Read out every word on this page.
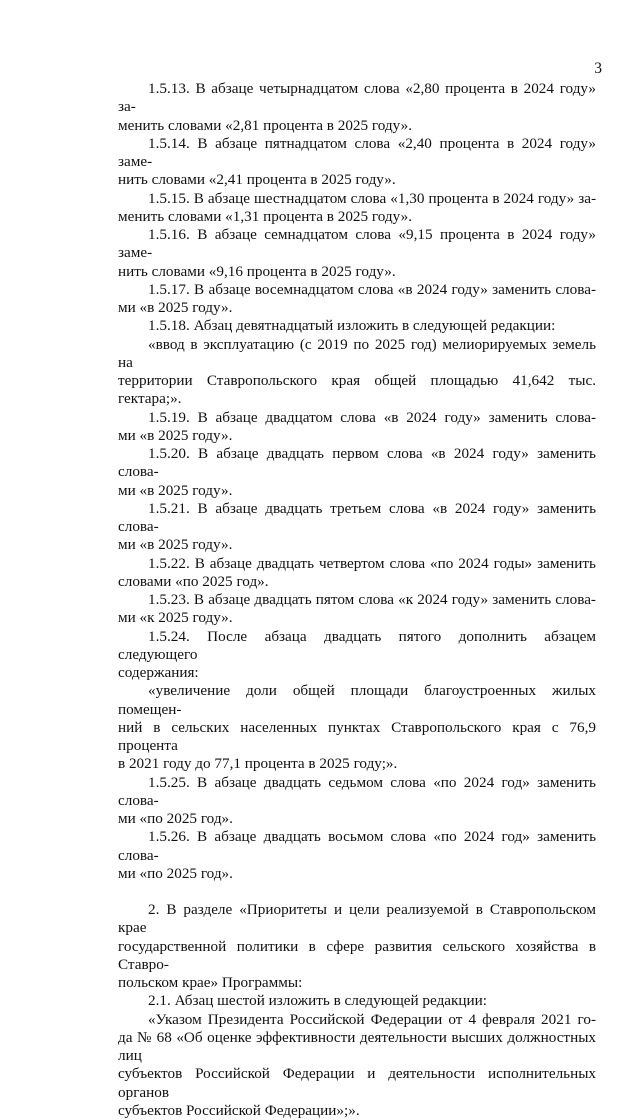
3
1.5.13. В абзаце четырнадцатом слова «2,80 процента в 2024 году» за-
менить словами «2,81 процента в 2025 году».
1.5.14. В абзаце пятнадцатом слова «2,40 процента в 2024 году» заме-
нить словами «2,41 процента в 2025 году».
1.5.15. В абзаце шестнадцатом слова «1,30 процента в 2024 году» за-
менить словами «1,31 процента в 2025 году».
1.5.16. В абзаце семнадцатом слова «9,15 процента в 2024 году» заме-
нить словами «9,16 процента в 2025 году».
1.5.17. В абзаце восемнадцатом слова «в 2024 году» заменить слова-
ми «в 2025 году».
1.5.18. Абзац девятнадцатый изложить в следующей редакции:
«ввод в эксплуатацию (с 2019 по 2025 год) мелиорируемых земель на
территории Ставропольского края общей площадью 41,642 тыс. гектара;».
1.5.19. В абзаце двадцатом слова «в 2024 году» заменить слова-
ми «в 2025 году».
1.5.20. В абзаце двадцать первом слова «в 2024 году» заменить слова-
ми «в 2025 году».
1.5.21. В абзаце двадцать третьем слова «в 2024 году» заменить слова-
ми «в 2025 году».
1.5.22. В абзаце двадцать четвертом слова «по 2024 годы» заменить
словами «по 2025 год».
1.5.23. В абзаце двадцать пятом слова «к 2024 году» заменить слова-
ми «к 2025 году».
1.5.24. После абзаца двадцать пятого дополнить абзацем следующего
содержания:
«увеличение доли общей площади благоустроенных жилых помещен-
ний в сельских населенных пунктах Ставропольского края с 76,9 процента
в 2021 году до 77,1 процента в 2025 году;».
1.5.25. В абзаце двадцать седьмом слова «по 2024 год» заменить слова-
ми «по 2025 год».
1.5.26. В абзаце двадцать восьмом слова «по 2024 год» заменить слова-
ми «по 2025 год».
2. В разделе «Приоритеты и цели реализуемой в Ставропольском крае
государственной политики в сфере развития сельского хозяйства в Ставро-
польском крае» Программы:
2.1. Абзац шестой изложить в следующей редакции:
«Указом Президента Российской Федерации от 4 февраля 2021 го-
да № 68 «Об оценке эффективности деятельности высших должностных лиц
субъектов Российской Федерации и деятельности исполнительных органов
субъектов Российской Федерации»;».
